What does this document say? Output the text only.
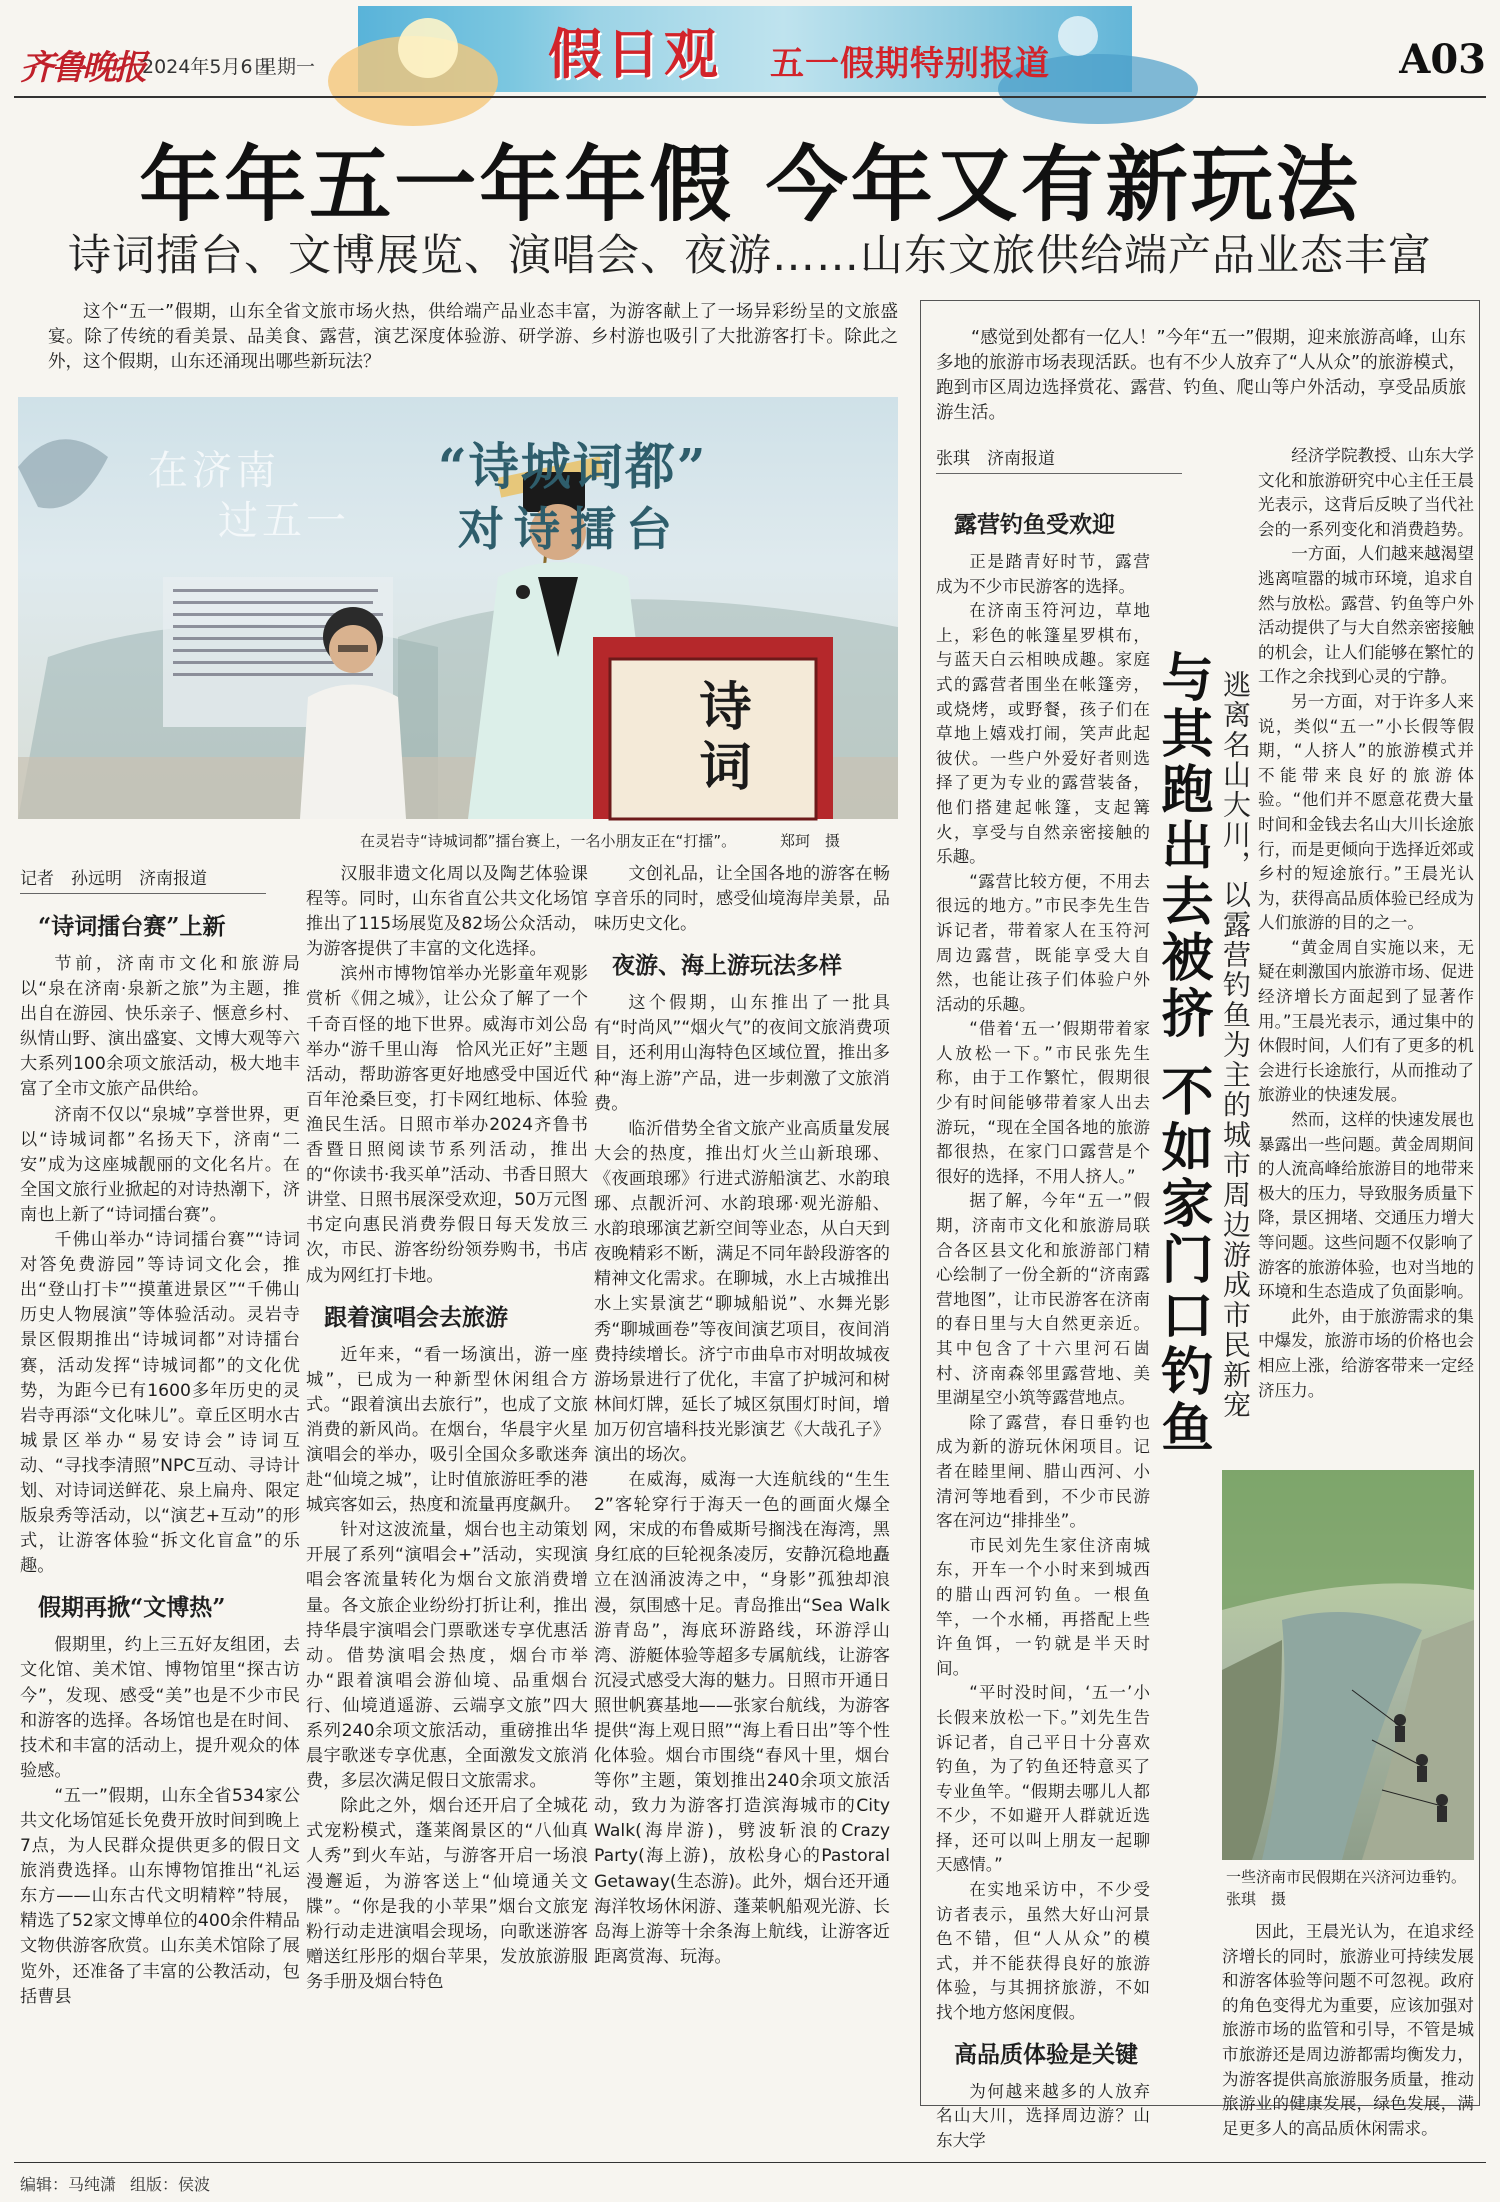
齐鲁晚报
2024年5月6日
星期一	假日观 五一假期特别报道	A03
年年五一年年假 今年又有新玩法
诗词擂台、文博展览、演唱会、夜游……山东文旅供给端产品业态丰富
这个“五一”假期，山东全省文旅市场火热，供给端产品业态丰富，为游客献上了一场异彩纷呈的文旅盛宴。除了传统的看美景、品美食、露营，演艺深度体验游、研学游、乡村游也吸引了大批游客打卡。除此之外，这个假期，山东还涌现出哪些新玩法？
在济南
过五一
“诗城词都”
对诗擂台
诗词
在灵岩寺“诗城词都”擂台赛上，一名小朋友正在“打擂”。	郑珂　摄
记者　孙远明　济南报道
“诗词擂台赛”上新

节前，济南市文化和旅游局以“泉在济南·泉新之旅”为主题，推出自在游园、快乐亲子、惬意乡村、纵情山野、演出盛宴、文博大观等六大系列100余项文旅活动，极大地丰富了全市文旅产品供给。

济南不仅以“泉城”享誉世界，更以“诗城词都”名扬天下，济南“二安”成为这座城靓丽的文化名片。在全国文旅行业掀起的对诗热潮下，济南也上新了“诗词擂台赛”。

千佛山举办“诗词擂台赛”“诗词对答免费游园”等诗词文化会，推出“登山打卡”“摸董进景区”“千佛山历史人物展演”等体验活动。灵岩寺景区假期推出“诗城词都”对诗擂台赛，活动发挥“诗城词都”的文化优势，为距今已有1600多年历史的灵岩寺再添“文化味儿”。章丘区明水古城景区举办“易安诗会”诗词互动、“寻找李清照”NPC互动、寻诗计划、对诗词送鲜花、泉上扁舟、限定版泉秀等活动，以“演艺+互动”的形式，让游客体验“拆文化盲盒”的乐趣。

假期再掀“文博热”

假期里，约上三五好友组团，去文化馆、美术馆、博物馆里“探古访今”，发现、感受“美”也是不少市民和游客的选择。各场馆也是在时间、技术和丰富的活动上，提升观众的体验感。

“五一”假期，山东全省534家公共文化场馆延长免费开放时间到晚上7点，为人民群众提供更多的假日文旅消费选择。山东博物馆推出“礼运东方——山东古代文明精粹”特展，精选了52家文博单位的400余件精品文物供游客欣赏。山东美术馆除了展览外，还准备了丰富的公教活动，包括曹县

汉服非遗文化周以及陶艺体验课程等。同时，山东省直公共文化场馆推出了115场展览及82场公众活动，为游客提供了丰富的文化选择。

滨州市博物馆举办光影童年观影赏析《佣之城》，让公众了解了一个千奇百怪的地下世界。威海市刘公岛举办“游千里山海　恰风光正好”主题活动，帮助游客更好地感受中国近代百年沧桑巨变，打卡网红地标、体验渔民生活。日照市举办2024齐鲁书香暨日照阅读节系列活动，推出的“你读书·我买单”活动、书香日照大讲堂、日照书展深受欢迎，50万元图书定向惠民消费券假日每天发放三次，市民、游客纷纷领券购书，书店成为网红打卡地。

跟着演唱会去旅游

近年来，“看一场演出，游一座城”，已成为一种新型休闲组合方式。“跟着演出去旅行”，也成了文旅消费的新风尚。在烟台，华晨宇火星演唱会的举办，吸引全国众多歌迷奔赴“仙境之城”，让时值旅游旺季的港城宾客如云，热度和流量再度飙升。

针对这波流量，烟台也主动策划开展了系列“演唱会+”活动，实现演唱会客流量转化为烟台文旅消费增量。各文旅企业纷纷打折让利，推出持华晨宇演唱会门票歌迷专享优惠活动。借势演唱会热度，烟台市举办“跟着演唱会游仙境、品重烟台行、仙境逍遥游、云端享文旅”四大系列240余项文旅活动，重磅推出华晨宇歌迷专享优惠，全面激发文旅消费，多层次满足假日文旅需求。

除此之外，烟台还开启了全城花式宠粉模式，蓬莱阁景区的“八仙真人秀”到火车站，与游客开启一场浪漫邂逅，为游客送上“仙境通关文牒”。“你是我的小苹果”烟台文旅宠粉行动走进演唱会现场，向歌迷游客赠送红彤彤的烟台苹果，发放旅游服务手册及烟台特色

文创礼品，让全国各地的游客在畅享音乐的同时，感受仙境海岸美景，品味历史文化。

夜游、海上游玩法多样

这个假期，山东推出了一批具有“时尚风”“烟火气”的夜间文旅消费项目，还利用山海特色区域位置，推出多种“海上游”产品，进一步刺激了文旅消费。

临沂借势全省文旅产业高质量发展大会的热度，推出灯火兰山新琅琊、《夜画琅琊》行进式游船演艺、水韵琅琊、点靓沂河、水韵琅琊·观光游船、水韵琅琊演艺新空间等业态，从白天到夜晚精彩不断，满足不同年龄段游客的精神文化需求。在聊城，水上古城推出水上实景演艺“聊城船说”、水舞光影秀“聊城画卷”等夜间演艺项目，夜间消费持续增长。济宁市曲阜市对明故城夜游场景进行了优化，丰富了护城河和树林间灯牌，延长了城区氛围灯时间，增加万仞宫墙科技光影演艺《大哉孔子》演出的场次。

在威海，威海一大连航线的“生生2”客轮穿行于海天一色的画面火爆全网，宋成的布鲁威斯号搁浅在海湾，黑身红底的巨轮视条凌厉，安静沉稳地矗立在汹涌波涛之中，“身影”孤独却浪漫，氛围感十足。青岛推出“Sea Walk游青岛”，海底环游路线，环游浮山湾、游艇体验等超多专属航线，让游客沉浸式感受大海的魅力。日照市开通日照世帆赛基地——张家台航线，为游客提供“海上观日照”“海上看日出”等个性化体验。烟台市围绕“春风十里，烟台等你”主题，策划推出240余项文旅活动，致力为游客打造滨海城市的City Walk(海岸游)，劈波斩浪的Crazy Party(海上游)，放松身心的Pastoral Getaway(生态游)。此外，烟台还开通海洋牧场休闲游、蓬莱帆船观光游、长岛海上游等十余条海上航线，让游客近距离赏海、玩海。

“感觉到处都有一亿人！”今年“五一”假期，迎来旅游高峰，山东多地的旅游市场表现活跃。也有不少人放弃了“人从众”的旅游模式，跑到市区周边选择赏花、露营、钓鱼、爬山等户外活动，享受品质旅游生活。
张琪　济南报道
露营钓鱼受欢迎

正是踏青好时节，露营成为不少市民游客的选择。

在济南玉符河边，草地上，彩色的帐篷星罗棋布，与蓝天白云相映成趣。家庭式的露营者围坐在帐篷旁，或烧烤，或野餐，孩子们在草地上嬉戏打闹，笑声此起彼伏。一些户外爱好者则选择了更为专业的露营装备，他们搭建起帐篷，支起篝火，享受与自然亲密接触的乐趣。

“露营比较方便，不用去很远的地方。”市民李先生告诉记者，带着家人在玉符河周边露营，既能享受大自然，也能让孩子们体验户外活动的乐趣。

“借着‘五一’假期带着家人放松一下。”市民张先生称，由于工作繁忙，假期很少有时间能够带着家人出去游玩，“现在全国各地的旅游都很热，在家门口露营是个很好的选择，不用人挤人。”

据了解，今年“五一”假期，济南市文化和旅游局联合各区县文化和旅游部门精心绘制了一份全新的“济南露营地图”，让市民游客在济南的春日里与大自然更亲近。其中包含了十六里河石崮村、济南森邻里露营地、美里湖星空小筑等露营地点。

除了露营，春日垂钓也成为新的游玩休闲项目。记者在睦里闸、腊山西河、小清河等地看到，不少市民游客在河边“排排坐”。

市民刘先生家住济南城东，开车一个小时来到城西的腊山西河钓鱼。一根鱼竿，一个水桶，再搭配上些许鱼饵，一钓就是半天时间。

“平时没时间，‘五一’小长假来放松一下。”刘先生告诉记者，自己平日十分喜欢钓鱼，为了钓鱼还特意买了专业鱼竿。“假期去哪儿人都不少，不如避开人群就近选择，还可以叫上朋友一起聊天感情。”

在实地采访中，不少受访者表示，虽然大好山河景色不错，但“人从众”的模式，并不能获得良好的旅游体验，与其拥挤旅游，不如找个地方悠闲度假。

高品质体验是关键

为何越来越多的人放弃名山大川，选择周边游？山东大学

与其跑出去被挤 不如家门口钓鱼 逃离名山大川，以露营钓鱼为主的城市周边游成市民新宠

经济学院教授、山东大学文化和旅游研究中心主任王晨光表示，这背后反映了当代社会的一系列变化和消费趋势。

一方面，人们越来越渴望逃离喧嚣的城市环境，追求自然与放松。露营、钓鱼等户外活动提供了与大自然亲密接触的机会，让人们能够在繁忙的工作之余找到心灵的宁静。

另一方面，对于许多人来说，类似“五一”小长假等假期，“人挤人”的旅游模式并不能带来良好的旅游体验。“他们并不愿意花费大量时间和金钱去名山大川长途旅行，而是更倾向于选择近郊或乡村的短途旅行。”王晨光认为，获得高品质体验已经成为人们旅游的目的之一。

“黄金周自实施以来，无疑在刺激国内旅游市场、促进经济增长方面起到了显著作用。”王晨光表示，通过集中的休假时间，人们有了更多的机会进行长途旅行，从而推动了旅游业的快速发展。

然而，这样的快速发展也暴露出一些问题。黄金周期间的人流高峰给旅游目的地带来极大的压力，导致服务质量下降，景区拥堵、交通压力增大等问题。这些问题不仅影响了游客的旅游体验，也对当地的环境和生态造成了负面影响。

此外，由于旅游需求的集中爆发，旅游市场的价格也会相应上涨，给游客带来一定经济压力。

一些济南市民假期在兴济河边垂钓。　张琪　摄

因此，王晨光认为，在追求经济增长的同时，旅游业可持续发展和游客体验等问题不可忽视。政府的角色变得尤为重要，应该加强对旅游市场的监管和引导，不管是城市旅游还是周边游都需均衡发力，为游客提供高旅游服务质量，推动旅游业的健康发展，绿色发展，满足更多人的高品质休闲需求。

编辑：马纯潇 组版：侯波
